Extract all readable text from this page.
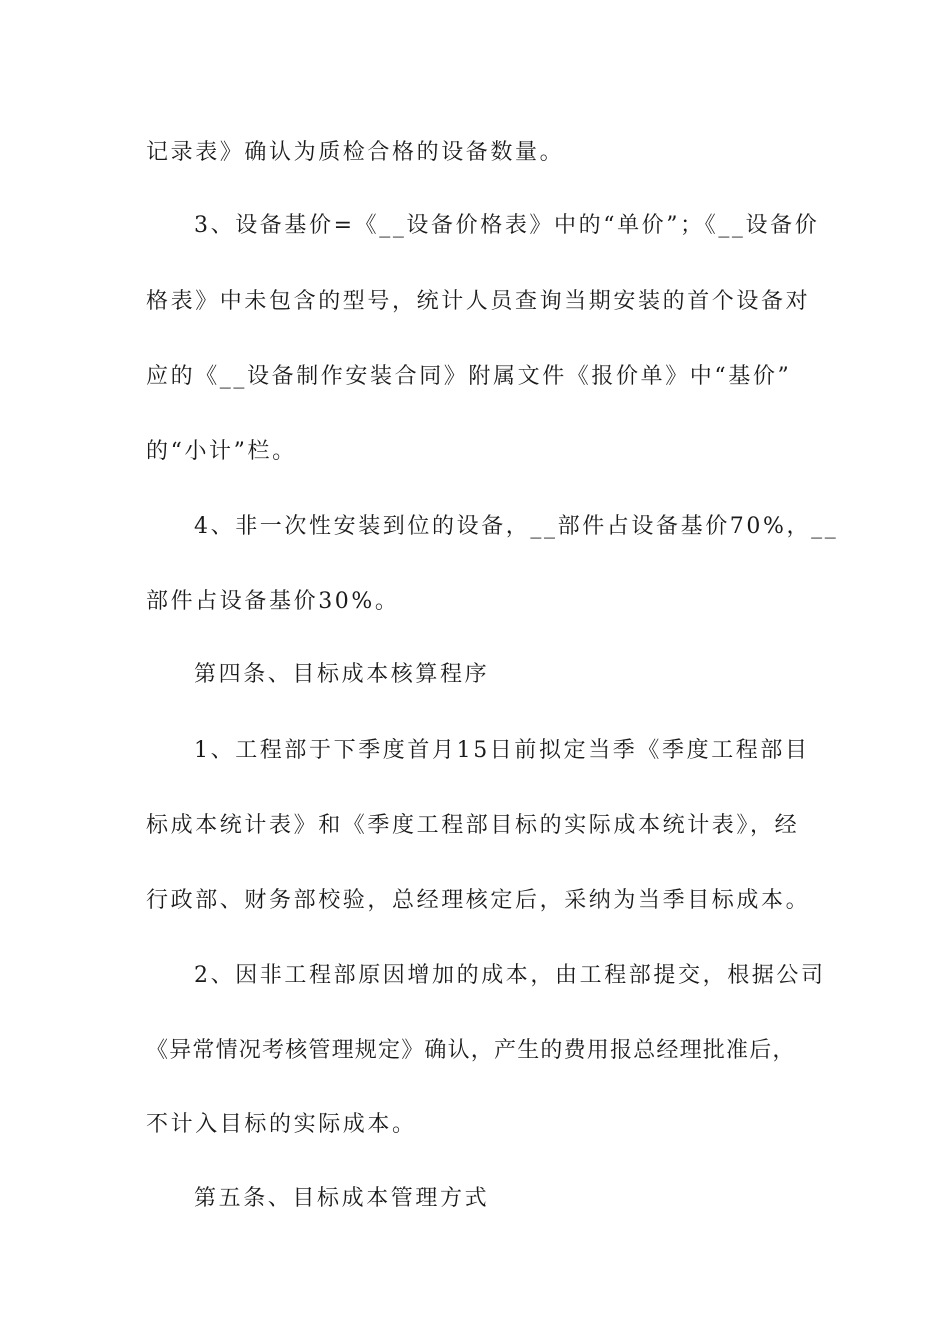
记录表》确认为质检合格的设备数量。
3、设备基价=《__设备价格表》中的“单价”；《__设备价
格表》中未包含的型号，统计人员查询当期安装的首个设备对
应的《__设备制作安装合同》附属文件《报价单》中“基价”
的“小计”栏。
4、非一次性安装到位的设备，__部件占设备基价70%，__
部件占设备基价30%。
第四条、目标成本核算程序
1、工程部于下季度首月15日前拟定当季《季度工程部目
标成本统计表》和《季度工程部目标的实际成本统计表》，经
行政部、财务部校验，总经理核定后，采纳为当季目标成本。
2、因非工程部原因增加的成本，由工程部提交，根据公司
《异常情况考核管理规定》确认，产生的费用报总经理批准后，
不计入目标的实际成本。
第五条、目标成本管理方式
